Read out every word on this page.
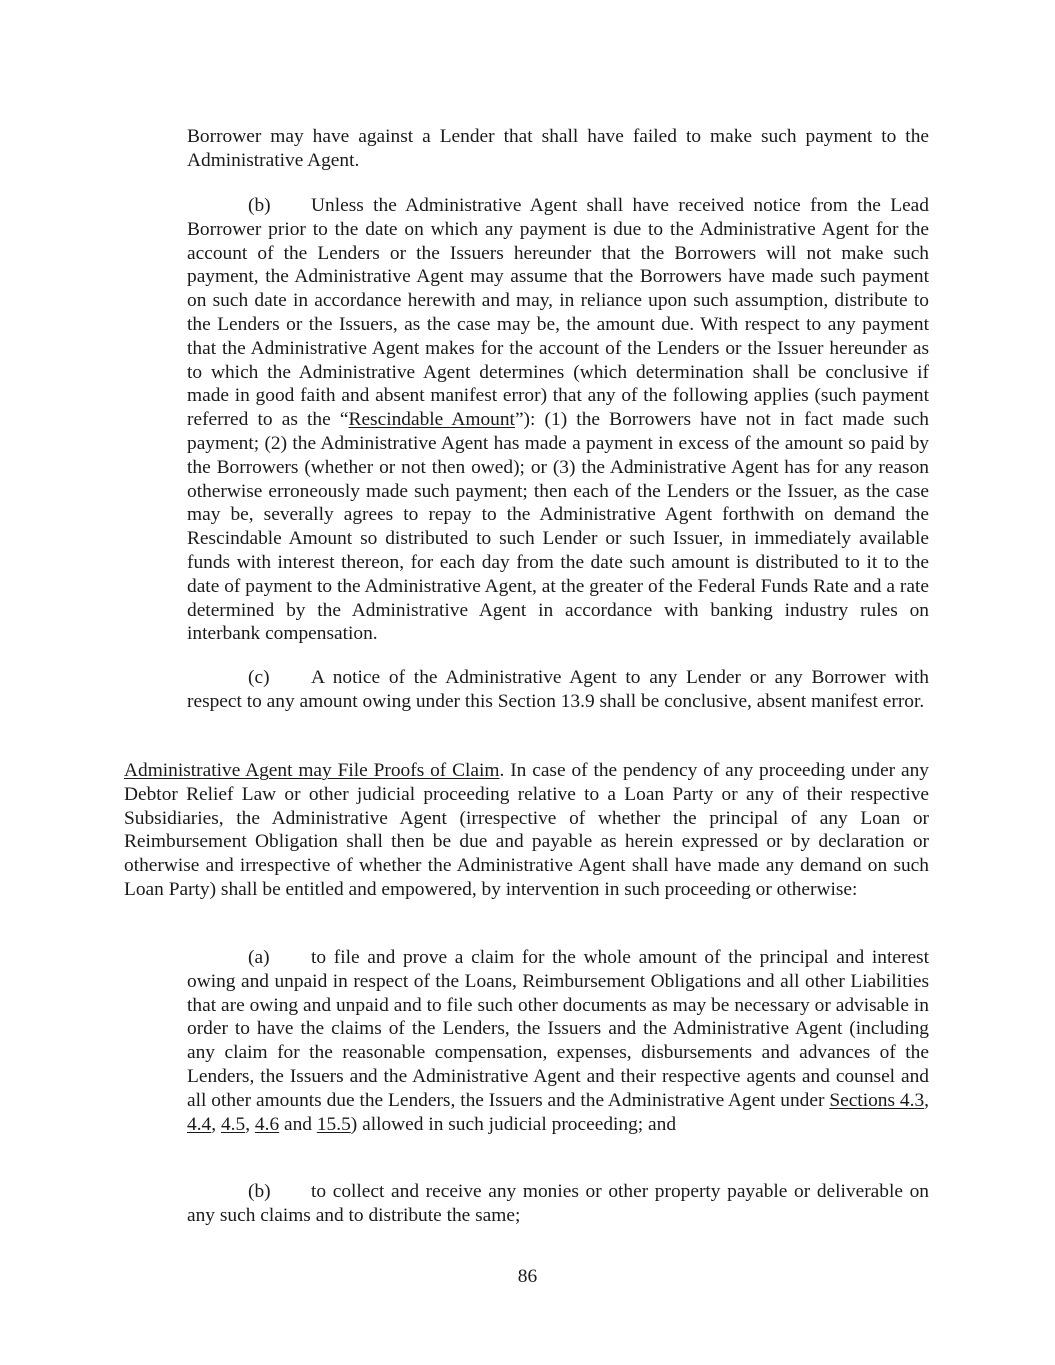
Borrower may have against a Lender that shall have failed to make such payment to the Administrative Agent.

(b) Unless the Administrative Agent shall have received notice from the Lead Borrower prior to the date on which any payment is due to the Administrative Agent for the account of the Lenders or the Issuers hereunder that the Borrowers will not make such payment, the Administrative Agent may assume that the Borrowers have made such payment on such date in accordance herewith and may, in reliance upon such assumption, distribute to the Lenders or the Issuers, as the case may be, the amount due. With respect to any payment that the Administrative Agent makes for the account of the Lenders or the Issuer hereunder as to which the Administrative Agent determines (which determination shall be conclusive if made in good faith and absent manifest error) that any of the following applies (such payment referred to as the “Rescindable Amount”): (1) the Borrowers have not in fact made such payment; (2) the Administrative Agent has made a payment in excess of the amount so paid by the Borrowers (whether or not then owed); or (3) the Administrative Agent has for any reason otherwise erroneously made such payment; then each of the Lenders or the Issuer, as the case may be, severally agrees to repay to the Administrative Agent forthwith on demand the Rescindable Amount so distributed to such Lender or such Issuer, in immediately available funds with interest thereon, for each day from the date such amount is distributed to it to the date of payment to the Administrative Agent, at the greater of the Federal Funds Rate and a rate determined by the Administrative Agent in accordance with banking industry rules on interbank compensation.

(c) A notice of the Administrative Agent to any Lender or any Borrower with respect to any amount owing under this Section 13.9 shall be conclusive, absent manifest error.

Administrative Agent may File Proofs of Claim. In case of the pendency of any proceeding under any Debtor Relief Law or other judicial proceeding relative to a Loan Party or any of their respective Subsidiaries, the Administrative Agent (irrespective of whether the principal of any Loan or Reimbursement Obligation shall then be due and payable as herein expressed or by declaration or otherwise and irrespective of whether the Administrative Agent shall have made any demand on such Loan Party) shall be entitled and empowered, by intervention in such proceeding or otherwise:

(a) to file and prove a claim for the whole amount of the principal and interest owing and unpaid in respect of the Loans, Reimbursement Obligations and all other Liabilities that are owing and unpaid and to file such other documents as may be necessary or advisable in order to have the claims of the Lenders, the Issuers and the Administrative Agent (including any claim for the reasonable compensation, expenses, disbursements and advances of the Lenders, the Issuers and the Administrative Agent and their respective agents and counsel and all other amounts due the Lenders, the Issuers and the Administrative Agent under Sections 4.3, 4.4, 4.5, 4.6 and 15.5) allowed in such judicial proceeding; and

(b) to collect and receive any monies or other property payable or deliverable on any such claims and to distribute the same;

86
